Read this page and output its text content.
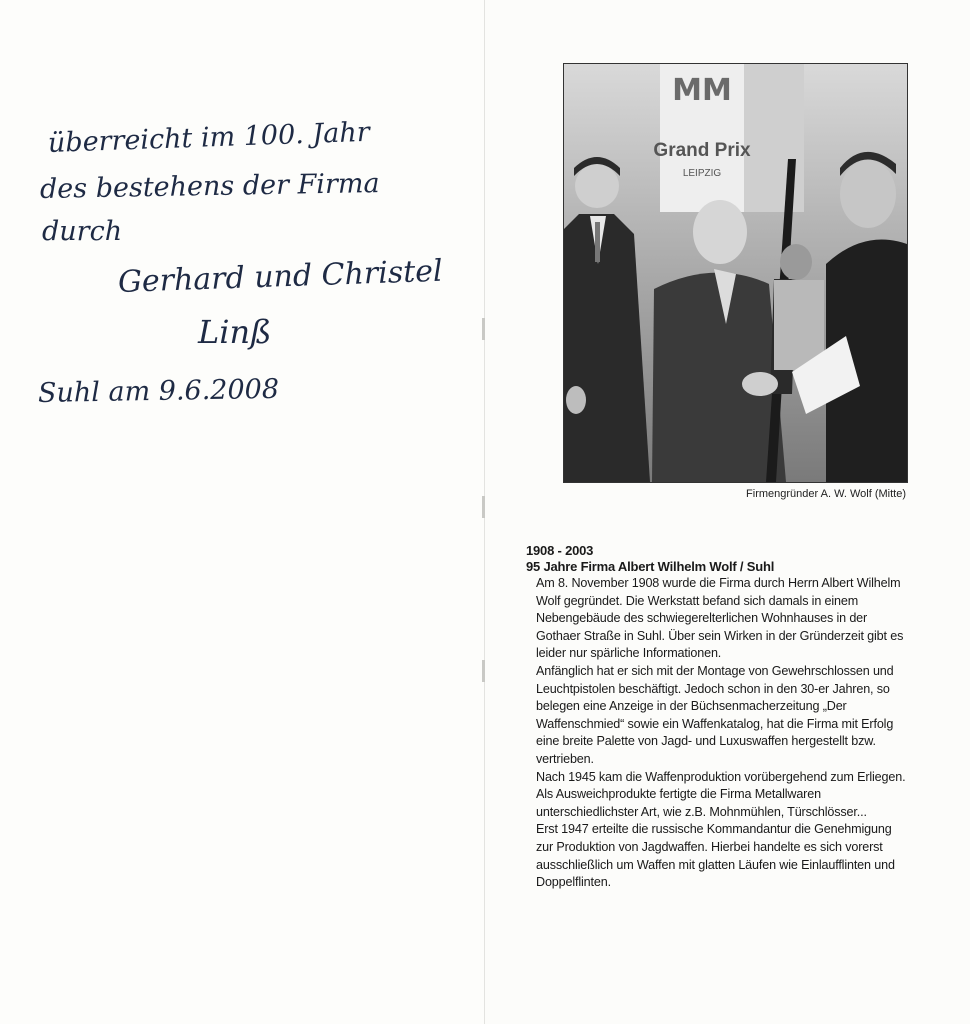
überreicht im 100. Jahr
des bestehens der Firma
durch
Gerhard und Christel
Linß
Suhl am 9.6.2008
MM
Grand Prix
LEIPZIG
Firmengründer A. W. Wolf (Mitte)
1908 - 2003
95 Jahre Firma Albert Wilhelm Wolf / Suhl

Am 8. November 1908 wurde die Firma durch Herrn Albert Wilhelm Wolf gegründet. Die Werkstatt befand sich damals in einem Nebengebäude des schwiegerelterlichen Wohnhauses in der Gothaer Straße in Suhl. Über sein Wirken in der Gründerzeit gibt es leider nur spärliche Informationen.

Anfänglich hat er sich mit der Montage von Gewehrschlossen und Leuchtpistolen beschäftigt. Jedoch schon in den 30-er Jahren, so belegen eine Anzeige in der Büchsenmacherzeitung „Der Waffenschmied“ sowie ein Waffenkatalog, hat die Firma mit Erfolg eine breite Palette von Jagd- und Luxuswaffen hergestellt bzw. vertrieben.

Nach 1945 kam die Waffenproduktion vorübergehend zum Erliegen. Als Ausweichprodukte fertigte die Firma Metallwaren unterschiedlichster Art, wie z.B. Mohnmühlen, Türschlösser...

Erst 1947 erteilte die russische Kommandantur die Genehmigung zur Produktion von Jagdwaffen. Hierbei handelte es sich vorerst ausschließlich um Waffen mit glatten Läufen wie Einlaufflinten und Doppelflinten.
